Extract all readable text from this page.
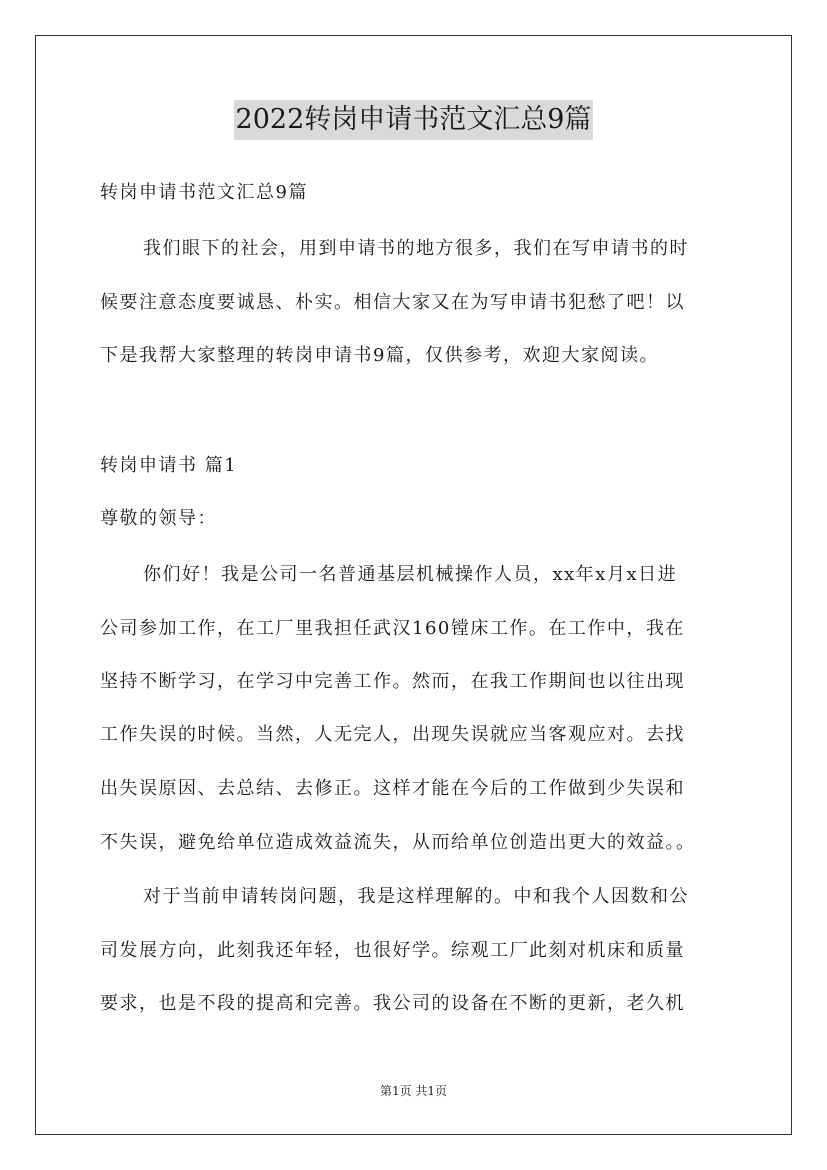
2022转岗申请书范文汇总9篇
转岗申请书范文汇总9篇
我们眼下的社会，用到申请书的地方很多，我们在写申请书的时
候要注意态度要诚恳、朴实。相信大家又在为写申请书犯愁了吧！以
下是我帮大家整理的转岗申请书9篇，仅供参考，欢迎大家阅读。
转岗申请书 篇1
尊敬的领导：
你们好！我是公司一名普通基层机械操作人员，xx年x月x日进
公司参加工作，在工厂里我担任武汉160镗床工作。在工作中，我在
坚持不断学习，在学习中完善工作。然而，在我工作期间也以往出现
工作失误的时候。当然，人无完人，出现失误就应当客观应对。去找
出失误原因、去总结、去修正。这样才能在今后的工作做到少失误和
不失误，避免给单位造成效益流失，从而给单位创造出更大的效益。。
对于当前申请转岗问题，我是这样理解的。中和我个人因数和公
司发展方向，此刻我还年轻，也很好学。综观工厂此刻对机床和质量
要求，也是不段的提高和完善。我公司的设备在不断的更新，老久机
第1页 共1页
